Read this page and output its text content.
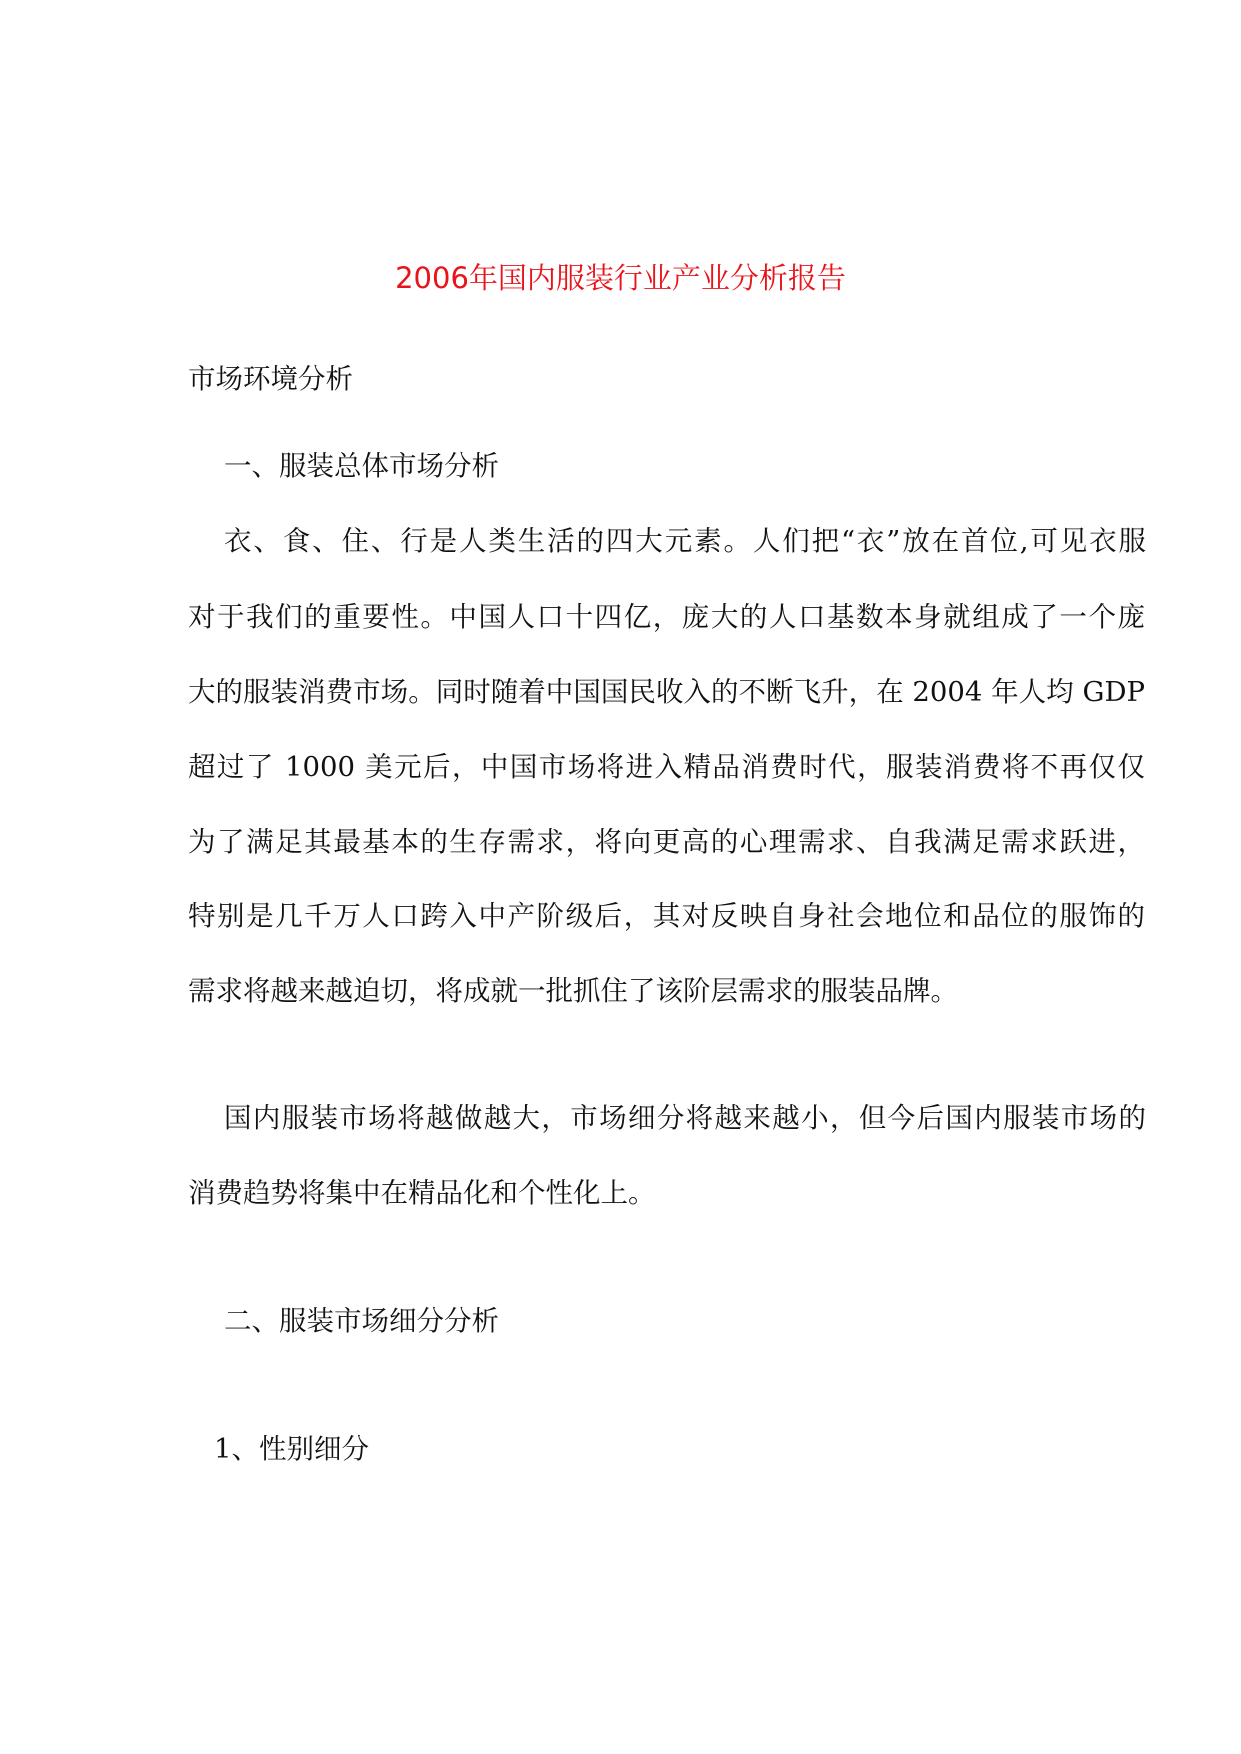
2006年国内服装行业产业分析报告
市场环境分析
一、服装总体市场分析
衣、食、住、行是人类生活的四大元素。人们把“衣”放在首位,可见衣服
对于我们的重要性。中国人口十四亿，庞大的人口基数本身就组成了一个庞
大的服装消费市场。同时随着中国国民收入的不断飞升，在 2004 年人均 GDP
超过了 1000 美元后，中国市场将进入精品消费时代，服装消费将不再仅仅
为了满足其最基本的生存需求，将向更高的心理需求、自我满足需求跃进，
特别是几千万人口跨入中产阶级后，其对反映自身社会地位和品位的服饰的
需求将越来越迫切，将成就一批抓住了该阶层需求的服装品牌。
国内服装市场将越做越大，市场细分将越来越小，但今后国内服装市场的
消费趋势将集中在精品化和个性化上。
二、服装市场细分分析
1、性别细分
